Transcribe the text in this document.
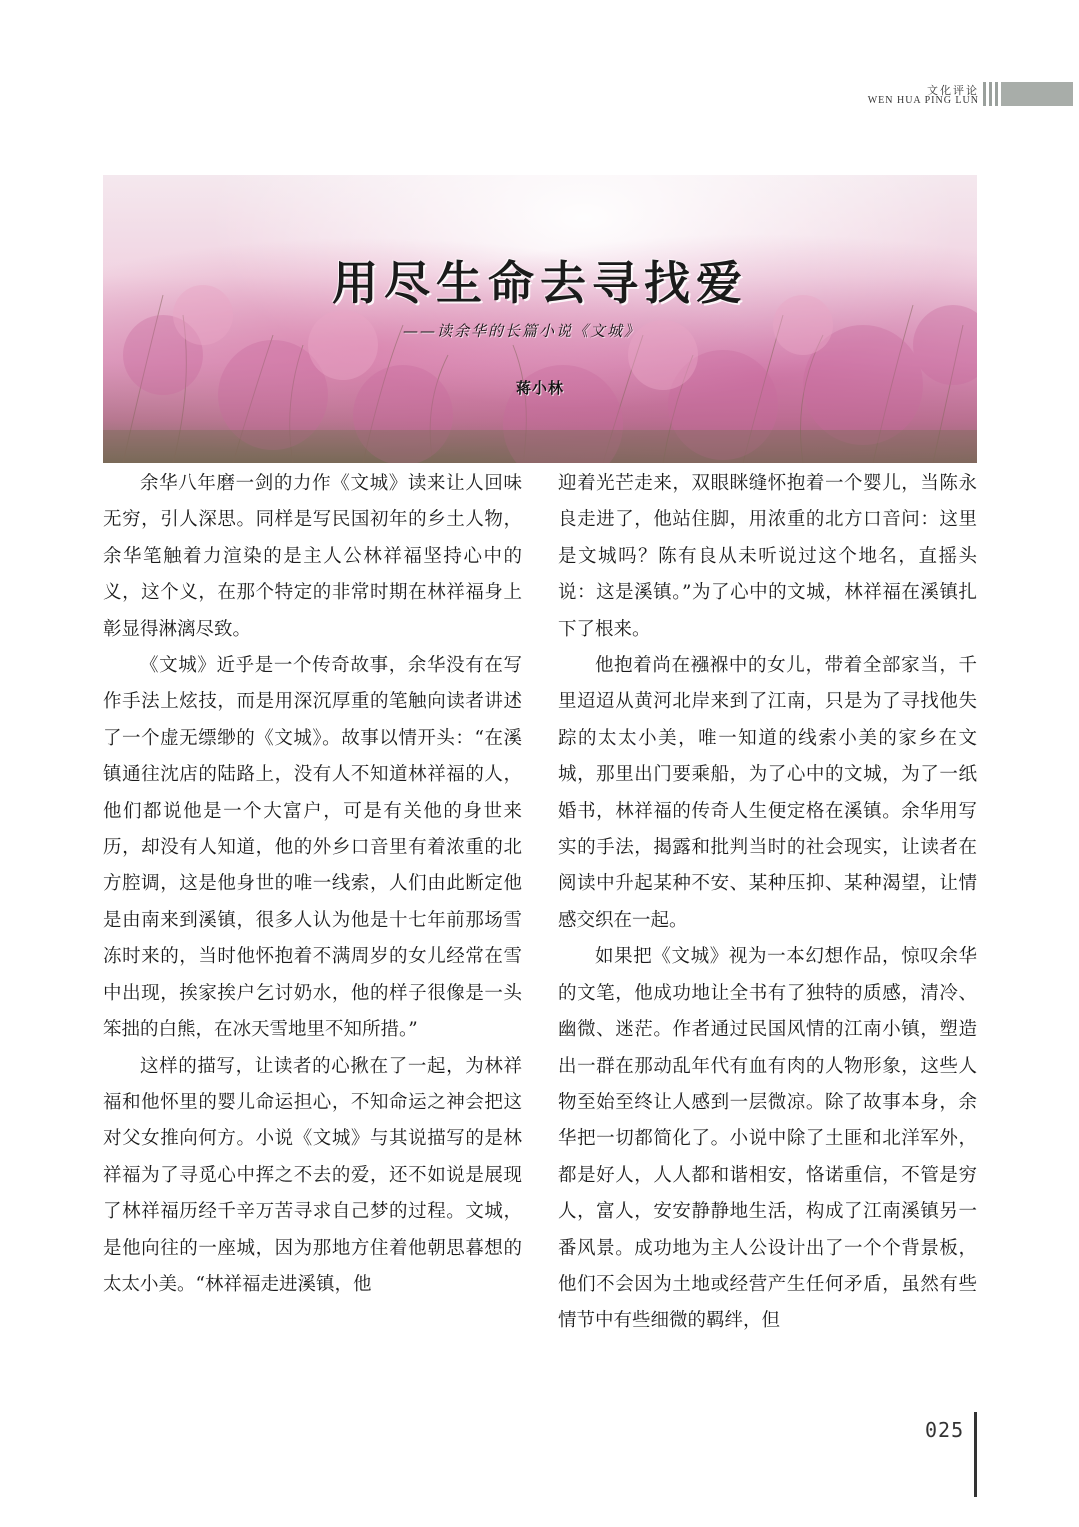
文化评论
WEN HUA PING LUN
用尽生命去寻找爱
——读余华的长篇小说《文城》
蒋小林

余华八年磨一剑的力作《文城》读来让人回味无穷，引人深思。同样是写民国初年的乡土人物，余华笔触着力渲染的是主人公林祥福坚持心中的义，这个义，在那个特定的非常时期在林祥福身上彰显得淋漓尽致。

《文城》近乎是一个传奇故事，余华没有在写作手法上炫技，而是用深沉厚重的笔触向读者讲述了一个虚无缥缈的《文城》。故事以情开头：“在溪镇通往沈店的陆路上，没有人不知道林祥福的人，他们都说他是一个大富户，可是有关他的身世来历，却没有人知道，他的外乡口音里有着浓重的北方腔调，这是他身世的唯一线索，人们由此断定他是由南来到溪镇，很多人认为他是十七年前那场雪冻时来的，当时他怀抱着不满周岁的女儿经常在雪中出现，挨家挨户乞讨奶水，他的样子很像是一头笨拙的白熊，在冰天雪地里不知所措。”

这样的描写，让读者的心揪在了一起，为林祥福和他怀里的婴儿命运担心，不知命运之神会把这对父女推向何方。小说《文城》与其说描写的是林祥福为了寻觅心中挥之不去的爱，还不如说是展现了林祥福历经千辛万苦寻求自己梦的过程。文城，是他向往的一座城，因为那地方住着他朝思暮想的太太小美。“林祥福走进溪镇，他

迎着光芒走来，双眼眯缝怀抱着一个婴儿，当陈永良走进了，他站住脚，用浓重的北方口音问：这里是文城吗？陈有良从未听说过这个地名，直摇头说：这是溪镇。”为了心中的文城，林祥福在溪镇扎下了根来。

他抱着尚在襁褓中的女儿，带着全部家当，千里迢迢从黄河北岸来到了江南，只是为了寻找他失踪的太太小美，唯一知道的线索小美的家乡在文城，那里出门要乘船，为了心中的文城，为了一纸婚书，林祥福的传奇人生便定格在溪镇。余华用写实的手法，揭露和批判当时的社会现实，让读者在阅读中升起某种不安、某种压抑、某种渴望，让情感交织在一起。

如果把《文城》视为一本幻想作品，惊叹余华的文笔，他成功地让全书有了独特的质感，清冷、幽微、迷茫。作者通过民国风情的江南小镇，塑造出一群在那动乱年代有血有肉的人物形象，这些人物至始至终让人感到一层微凉。除了故事本身，余华把一切都简化了。小说中除了土匪和北洋军外，都是好人，人人都和谐相安，恪诺重信，不管是穷人，富人，安安静静地生活，构成了江南溪镇另一番风景。成功地为主人公设计出了一个个背景板，他们不会因为土地或经营产生任何矛盾，虽然有些情节中有些细微的羁绊，但

025
